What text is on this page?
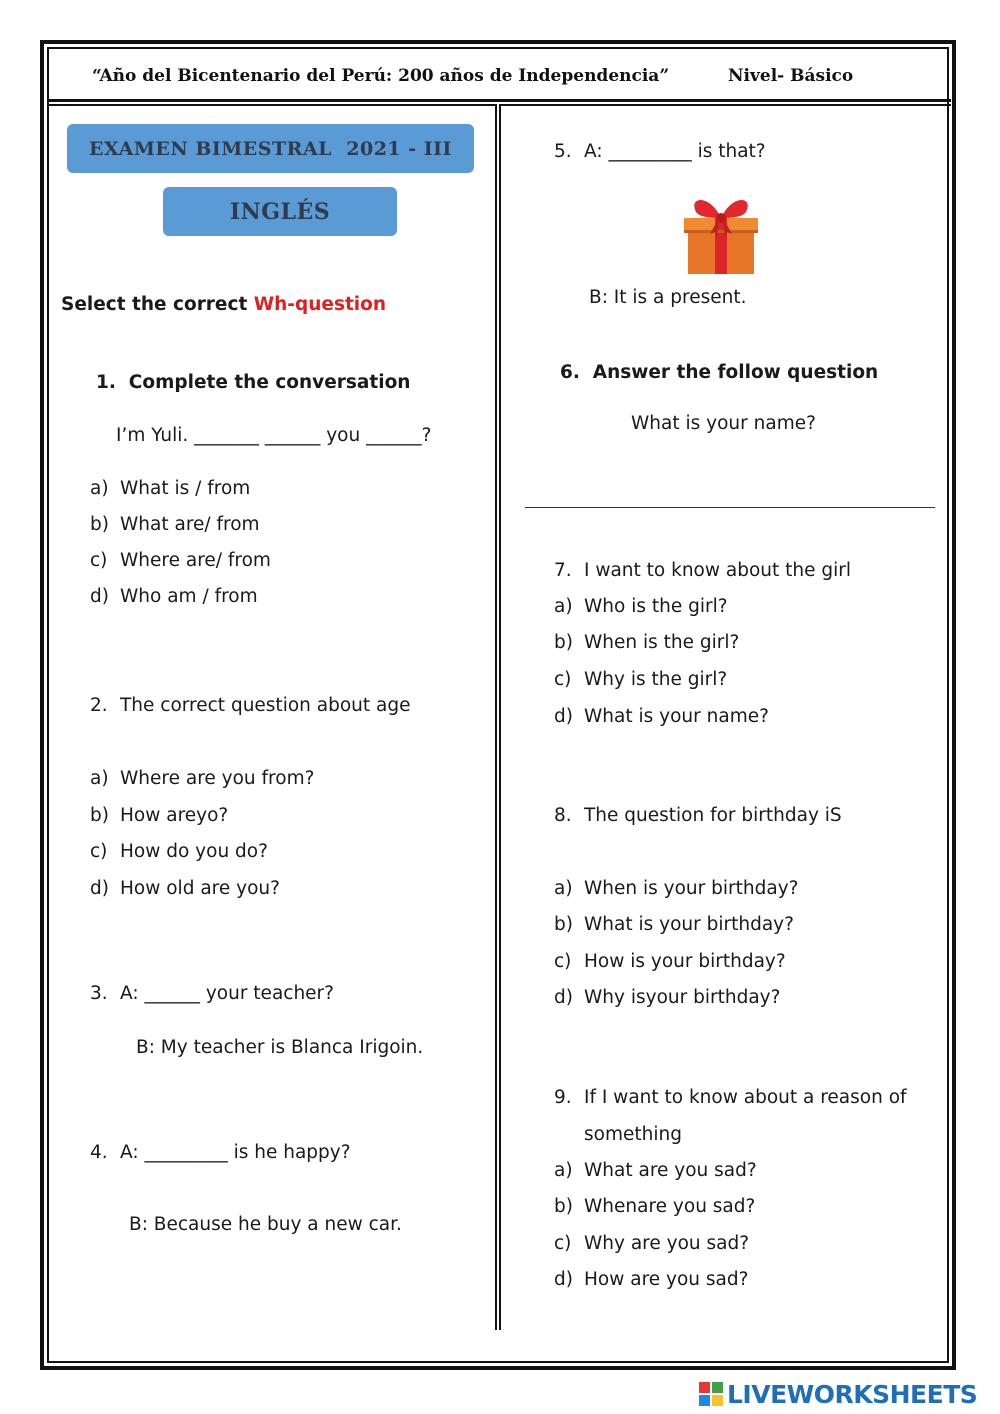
“Año del Bicentenario del Perú: 200 años de Independencia”	Nivel- Básico
EXAMEN BIMESTRAL  2021 - III
INGLÉS
Select the correct Wh-question
1. Complete the conversation
I’m Yuli. _______ ______ you ______?
a) What is / from
b) What are/ from
c) Where are/ from
d) Who am / from
2. The correct question about age
a) Where are you from?
b) How areyo?
c) How do you do?
d) How old are you?
3. A: ______ your teacher?
B: My teacher is Blanca Irigoin.
4. A: _________ is he happy?
B: Because he buy a new car.
5. A: _________ is that?
B: It is a present.
6. Answer the follow question
What is your name?
7. I want to know about the girl
a) Who is the girl?
b) When is the girl?
c) Why is the girl?
d) What is your name?
8. The question for birthday iS
a) When is your birthday?
b) What is your birthday?
c) How is your birthday?
d) Why isyour birthday?
9. If I want to know about a reason of
something
a) What are you sad?
b) Whenare you sad?
c) Why are you sad?
d) How are you sad?
LIVEWORKSHEETS
